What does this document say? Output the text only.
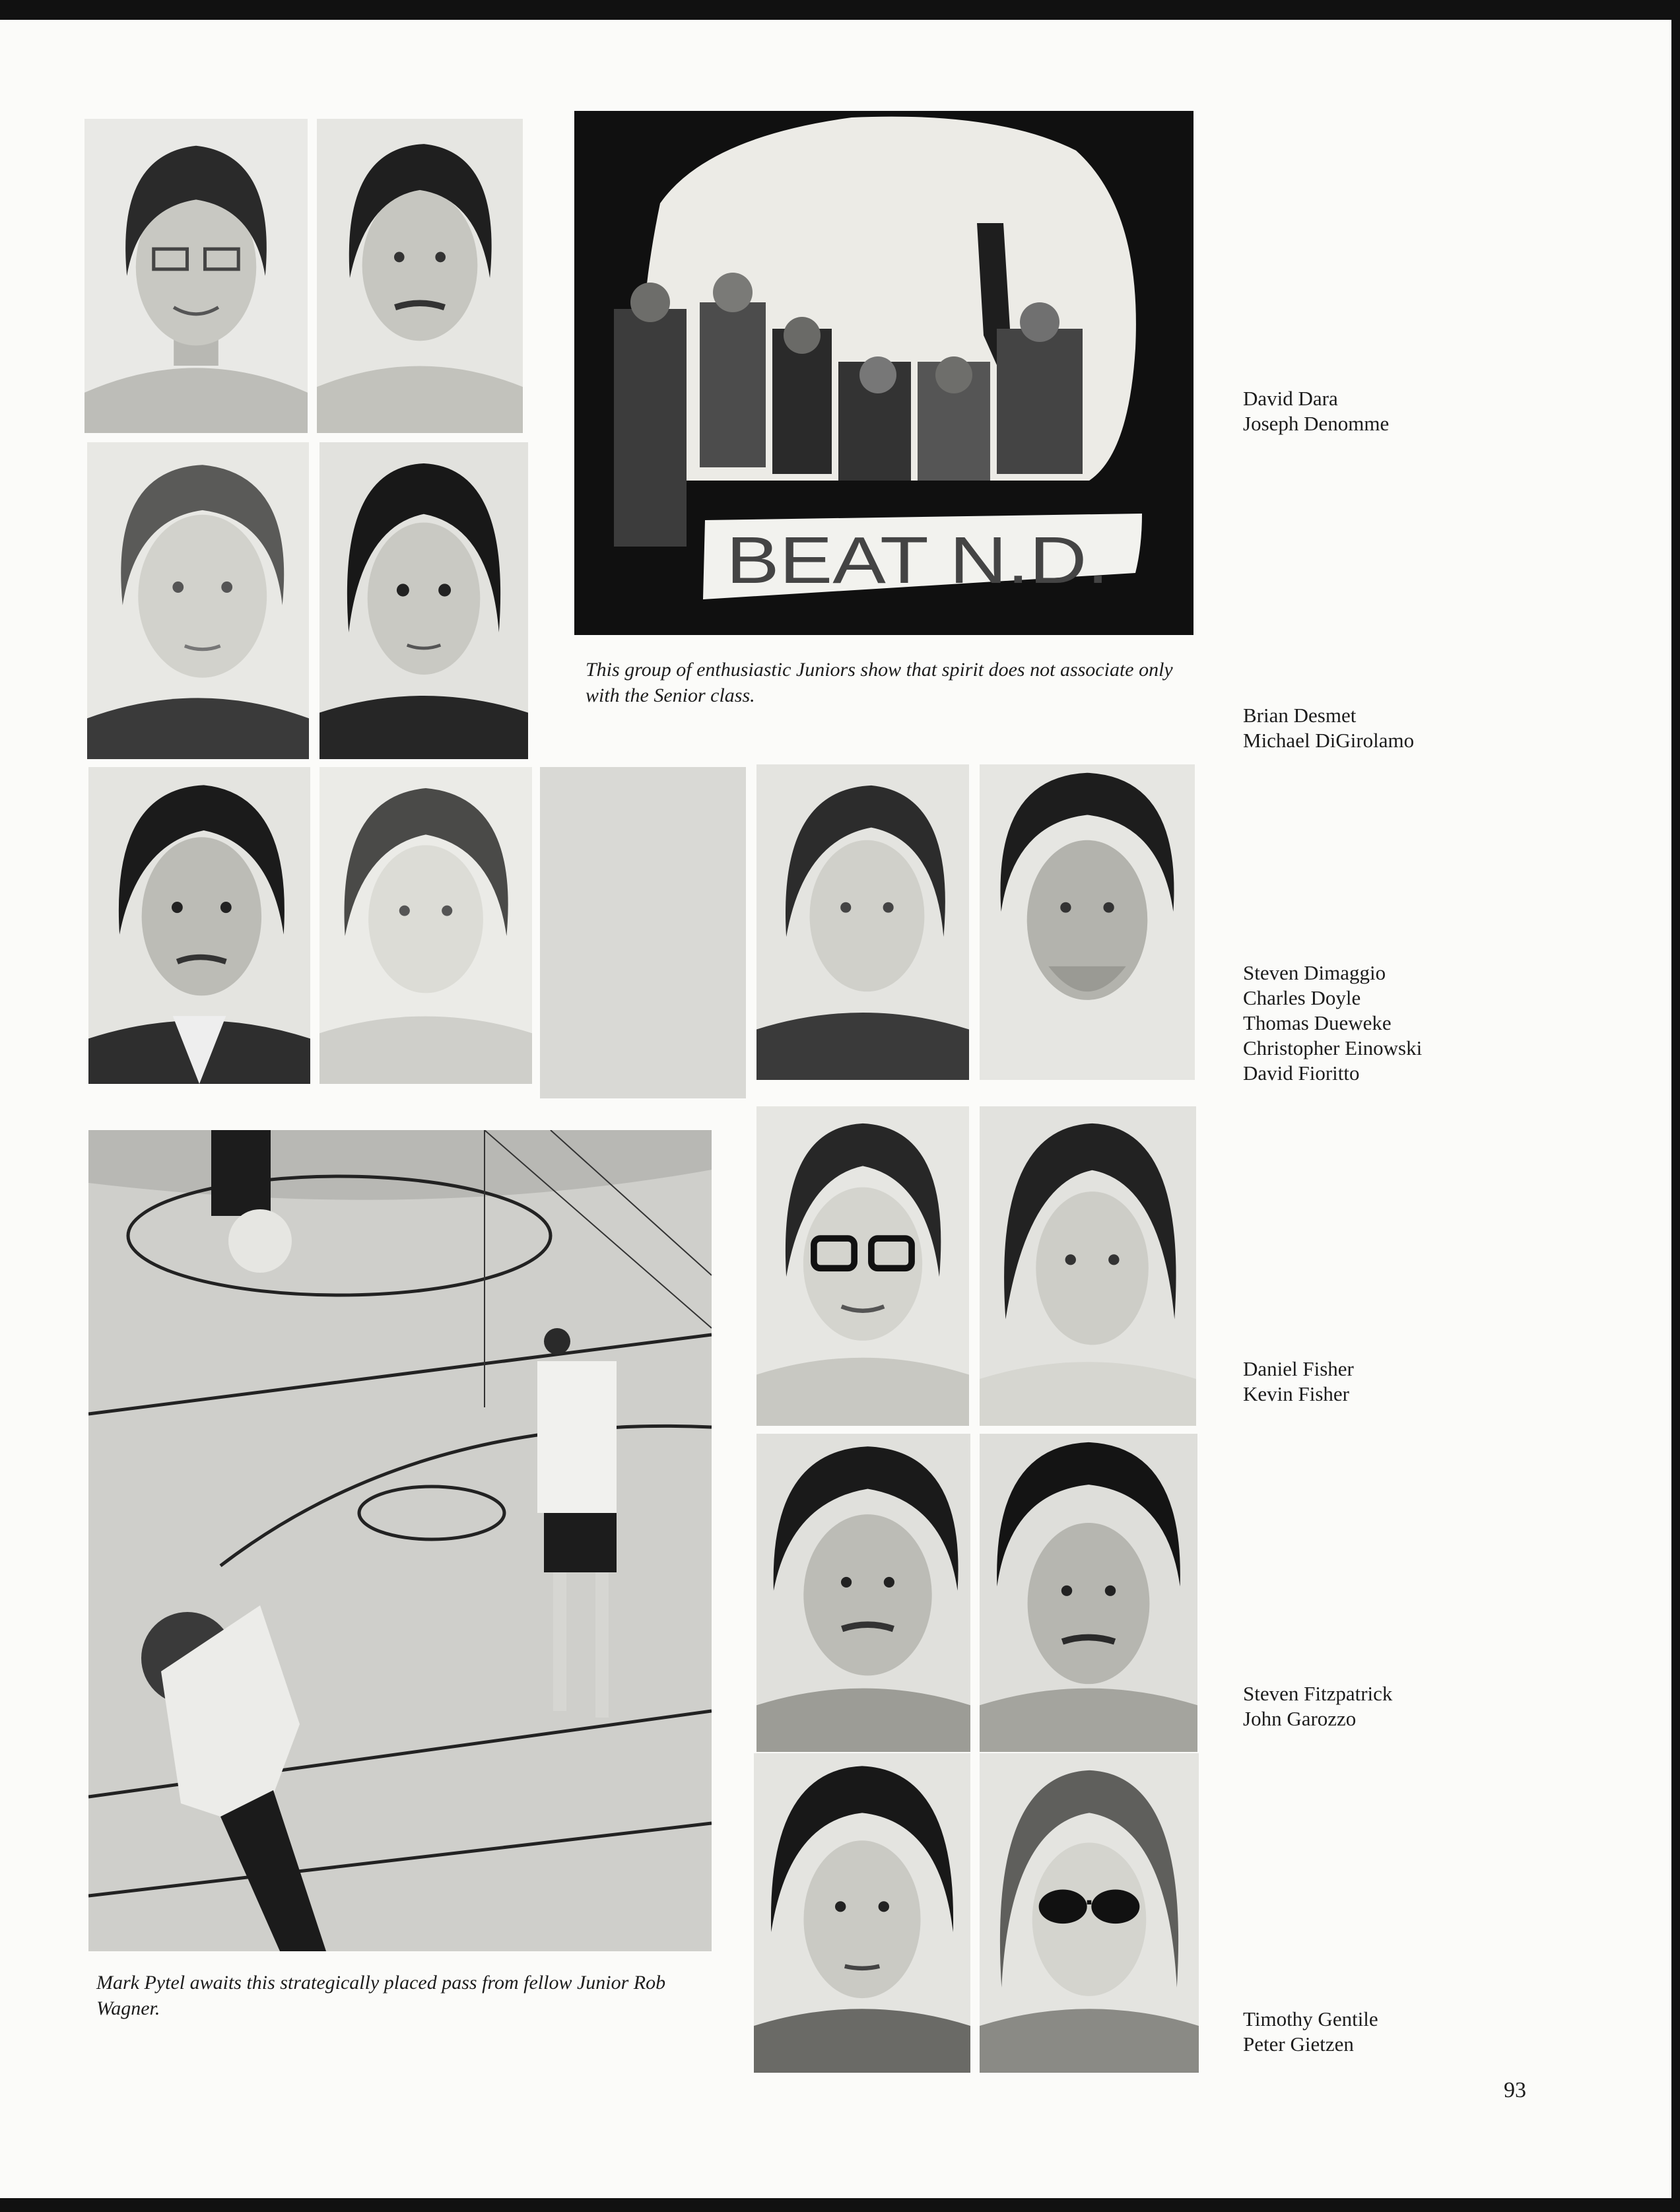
BEAT N.D.
This group of enthusiastic Juniors show that spirit does not associate only with the Senior class.
Mark Pytel awaits this strategically placed pass from fellow Junior Rob Wagner.
David Dara
Joseph Denomme
Brian Desmet
Michael DiGirolamo
Steven Dimaggio
Charles Doyle
Thomas Dueweke
Christopher Einowski
David Fioritto
Daniel Fisher
Kevin Fisher
Steven Fitzpatrick
John Garozzo
Timothy Gentile
Peter Gietzen
93
